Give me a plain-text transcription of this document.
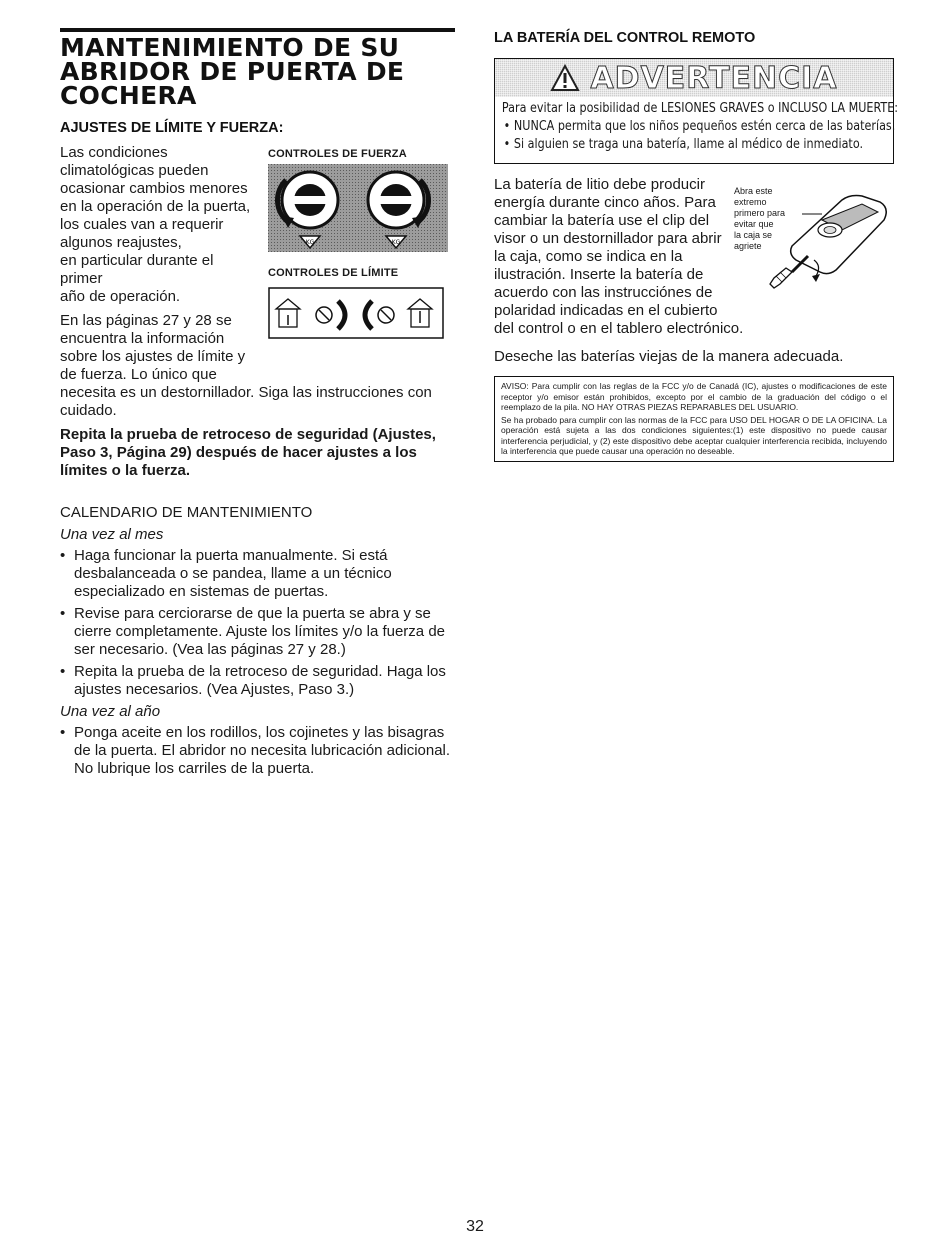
MANTENIMIENTO DE SU
ABRIDOR DE PUERTA DE
COCHERA
AJUSTES DE LÍMITE Y FUERZA:
CONTROLES DE FUERZA
KG	KG
CONTROLES DE LÍMITE
Las condiciones
climatológicas pueden
ocasionar cambios menores
en la operación de la puerta,
los cuales van a requerir
algunos reajustes,
en particular durante el primer
año de operación.
En las páginas 27 y 28 se
encuentra la información
sobre los ajustes de límite y
de fuerza. Lo único que

necesita es un destornillador. Siga las instrucciones con cuidado.

Repita la prueba de retroceso de seguridad (Ajustes, Paso 3, Página 29) después de hacer ajustes a los límites o la fuerza.

CALENDARIO DE MANTENIMIENTO
Una vez al mes
• Haga funcionar la puerta manualmente. Si está desbalanceada o se pandea, llame a un técnico especializado en sistemas de puertas.
• Revise para cerciorarse de que la puerta se abra y se cierre completamente. Ajuste los límites y/o la fuerza de ser necesario. (Vea las páginas 27 y 28.)
• Repita la prueba de la retroceso de seguridad. Haga los ajustes necesarios. (Vea Ajustes, Paso 3.)
Una vez al año
• Ponga aceite en los rodillos, los cojinetes y las bisagras de la puerta. El abridor no necesita lubricación adicional. No lubrique los carriles de la puerta.
LA BATERÍA DEL CONTROL REMOTO
ADVERTENCIA
Para evitar la posibilidad de LESIONES GRAVES o INCLUSO LA MUERTE:
• NUNCA permita que los niños pequeños estén cerca de las baterías.
• Si alguien se traga una batería, llame al médico de inmediato.
La batería de litio debe producir
energía durante cinco años. Para
cambiar la batería use el clip del
visor o un destornillador para abrir
la caja, como se indica en la
ilustración. Inserte la batería de
acuerdo con las instrucciónes de
polaridad indicadas en el cubierto
del control o en el tablero electrónico.
Abra este extremo
primero para
evitar que
la caja se
agriete

Deseche las baterías viejas de la manera adecuada.

AVISO: Para cumplir con las reglas de la FCC y/o de Canadá (IC), ajustes o modificaciones de este receptor y/o emisor están prohibidos, excepto por el cambio de la graduación del código o el reemplazo de la pila. NO HAY OTRAS PIEZAS REPARABLES DEL USUARIO.

Se ha probado para cumplir con las normas de la FCC para USO DEL HOGAR O DE LA OFICINA. La operación está sujeta a las dos condiciones siguientes:(1) este dispositivo no puede causar interferencia perjudicial, y (2) este dispositivo debe aceptar cualquier interferencia recibida, incluyendo la interferencia que puede causar una operación no deseable.

32
